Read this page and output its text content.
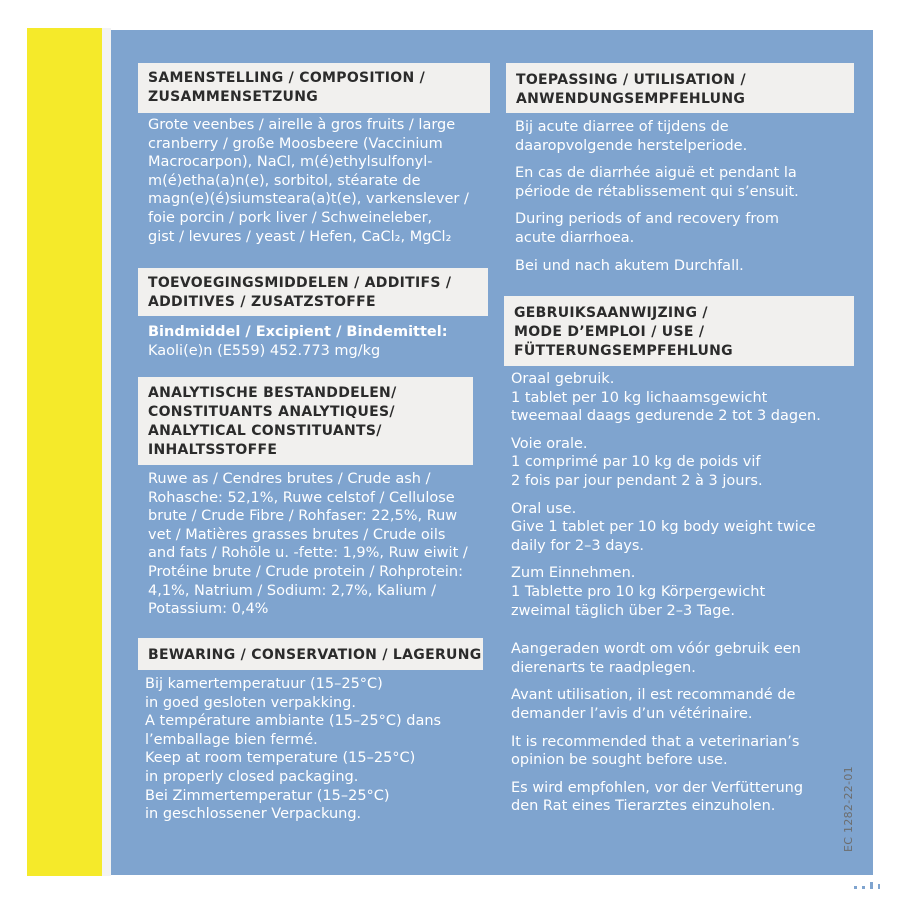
SAMENSTELLING / COMPOSITION /
ZUSAMMENSETZUNG
Grote veenbes / airelle à gros fruits / large
cranberry / große Moosbeere (Vaccinium
Macrocarpon), NaCl, m(é)ethylsulfonyl-
m(é)etha(a)n(e), sorbitol, stéarate de
magn(e)(é)siumsteara(a)t(e), varkenslever /
foie porcin / pork liver / Schweineleber,
gist / levures / yeast / Hefen, CaCl₂, MgCl₂
TOEVOEGINGSMIDDELEN / ADDITIFS /
ADDITIVES / ZUSATZSTOFFE
Bindmiddel / Excipient / Bindemittel:
Kaoli(e)n (E559) 452.773 mg/kg
ANALYTISCHE BESTANDDELEN/
CONSTITUANTS ANALYTIQUES/
ANALYTICAL CONSTITUANTS/
INHALTSSTOFFE
Ruwe as / Cendres brutes / Crude ash /
Rohasche: 52,1%, Ruwe celstof / Cellulose
brute / Crude Fibre / Rohfaser: 22,5%, Ruw
vet / Matières grasses brutes / Crude oils
and fats / Rohöle u. -fette: 1,9%, Ruw eiwit /
Protéine brute / Crude protein / Rohprotein:
4,1%, Natrium / Sodium: 2,7%, Kalium /
Potassium: 0,4%
BEWARING / CONSERVATION / LAGERUNG
Bij kamertemperatuur (15–25°C)
in goed gesloten verpakking.
A température ambiante (15–25°C) dans
l’emballage bien fermé.
Keep at room temperature (15–25°C)
in properly closed packaging.
Bei Zimmertemperatur (15–25°C)
in geschlossener Verpackung.
TOEPASSING / UTILISATION /
ANWENDUNGSEMPFEHLUNG

Bij acute diarree of tijdens de
daaropvolgende herstelperiode.

En cas de diarrhée aiguë et pendant la
période de rétablissement qui s’ensuit.

During periods of and recovery from
acute diarrhoea.

Bei und nach akutem Durchfall.

GEBRUIKSAANWIJZING /
MODE D’EMPLOI / USE /
FÜTTERUNGSEMPFEHLUNG

Oraal gebruik.
1 tablet per 10 kg lichaamsgewicht
tweemaal daags gedurende 2 tot 3 dagen.

Voie orale.
1 comprimé par 10 kg de poids vif
2 fois par jour pendant 2 à 3 jours.

Oral use.
Give 1 tablet per 10 kg body weight twice
daily for 2–3 days.

Zum Einnehmen.
1 Tablette pro 10 kg Körpergewicht
zweimal täglich über 2–3 Tage.

Aangeraden wordt om vóór gebruik een
dierenarts te raadplegen.

Avant utilisation, il est recommandé de
demander l’avis d’un vétérinaire.

It is recommended that a veterinarian’s
opinion be sought before use.

Es wird empfohlen, vor der Verfütterung
den Rat eines Tierarztes einzuholen.	EC 1282-22-01
